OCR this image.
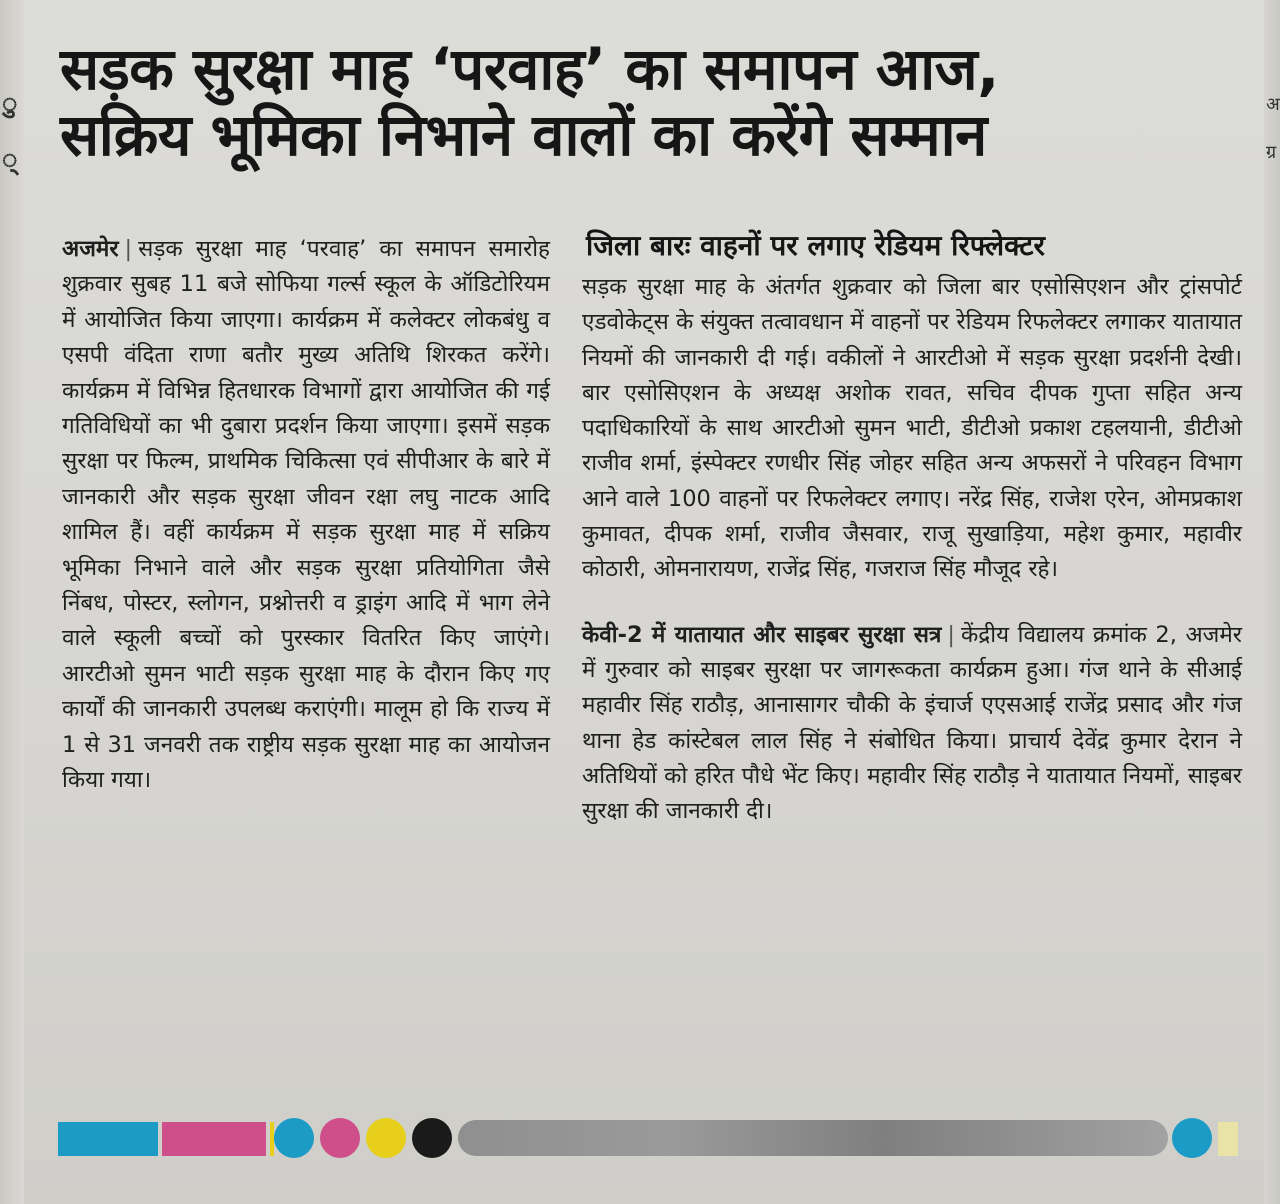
ु
्
अ
ग्र
सड़क सुरक्षा माह ‘परवाह’ का समापन आज,
सक्रिय भूमिका निभाने वालों का करेंगे सम्मान
अजमेर | सड़क सुरक्षा माह ‘परवाह’ का समापन समारोह शुक्रवार सुबह 11 बजे सोफिया गर्ल्स स्कूल के ऑडिटोरियम में आयोजित किया जाएगा। कार्यक्रम में कलेक्टर लोकबंधु व एसपी वंदिता राणा बतौर मुख्य अतिथि शिरकत करेंगे। कार्यक्रम में विभिन्न हितधारक विभागों द्वारा आयोजित की गई गतिविधियों का भी दुबारा प्रदर्शन किया जाएगा। इसमें सड़क सुरक्षा पर फिल्म, प्राथमिक चिकित्सा एवं सीपीआर के बारे में जानकारी और सड़क सुरक्षा जीवन रक्षा लघु नाटक आदि शामिल हैं। वहीं कार्यक्रम में सड़क सुरक्षा माह में सक्रिय भूमिका निभाने वाले और सड़क सुरक्षा प्रतियोगिता जैसे निंबध, पोस्टर, स्लोगन, प्रश्नोत्तरी व ड्राइंग आदि में भाग लेने वाले स्कूली बच्चों को पुरस्कार वितरित किए जाएंगे। आरटीओ सुमन भाटी सड़क सुरक्षा माह के दौरान किए गए कार्यों की जानकारी उपलब्ध कराएंगी। मालूम हो कि राज्य में 1 से 31 जनवरी तक राष्ट्रीय सड़क सुरक्षा माह का आयोजन किया गया।
जिला बारः वाहनों पर लगाए रेडियम रिफ्लेक्टर
सड़क सुरक्षा माह के अंतर्गत शुक्रवार को जिला बार एसोसिएशन और ट्रांसपोर्ट एडवोकेट्स के संयुक्त तत्वावधान में वाहनों पर रेडियम रिफलेक्टर लगाकर यातायात नियमों की जानकारी दी गई। वकीलों ने आरटीओ में सड़क सुरक्षा प्रदर्शनी देखी। बार एसोसिएशन के अध्यक्ष अशोक रावत, सचिव दीपक गुप्ता सहित अन्य पदाधिकारियों के साथ आरटीओ सुमन भाटी, डीटीओ प्रकाश टहलयानी, डीटीओ राजीव शर्मा, इंस्पेक्टर रणधीर सिंह जोहर सहित अन्य अफसरों ने परिवहन विभाग आने वाले 100 वाहनों पर रिफलेक्टर लगाए। नरेंद्र सिंह, राजेश एरेन, ओमप्रकाश कुमावत, दीपक शर्मा, राजीव जैसवार, राजू सुखाड़िया, महेश कुमार, महावीर कोठारी, ओमनारायण, राजेंद्र सिंह, गजराज सिंह मौजूद रहे।
केवी-2 में यातायात और साइबर सुरक्षा सत्र | केंद्रीय विद्यालय क्रमांक 2, अजमेर में गुरुवार को साइबर सुरक्षा पर जागरूकता कार्यक्रम हुआ। गंज थाने के सीआई महावीर सिंह राठौड़, आनासागर चौकी के इंचार्ज एएसआई राजेंद्र प्रसाद और गंज थाना हेड कांस्टेबल लाल सिंह ने संबोधित किया। प्राचार्य देवेंद्र कुमार देरान ने अतिथियों को हरित पौधे भेंट किए। महावीर सिंह राठौड़ ने यातायात नियमों, साइबर सुरक्षा की जानकारी दी।
